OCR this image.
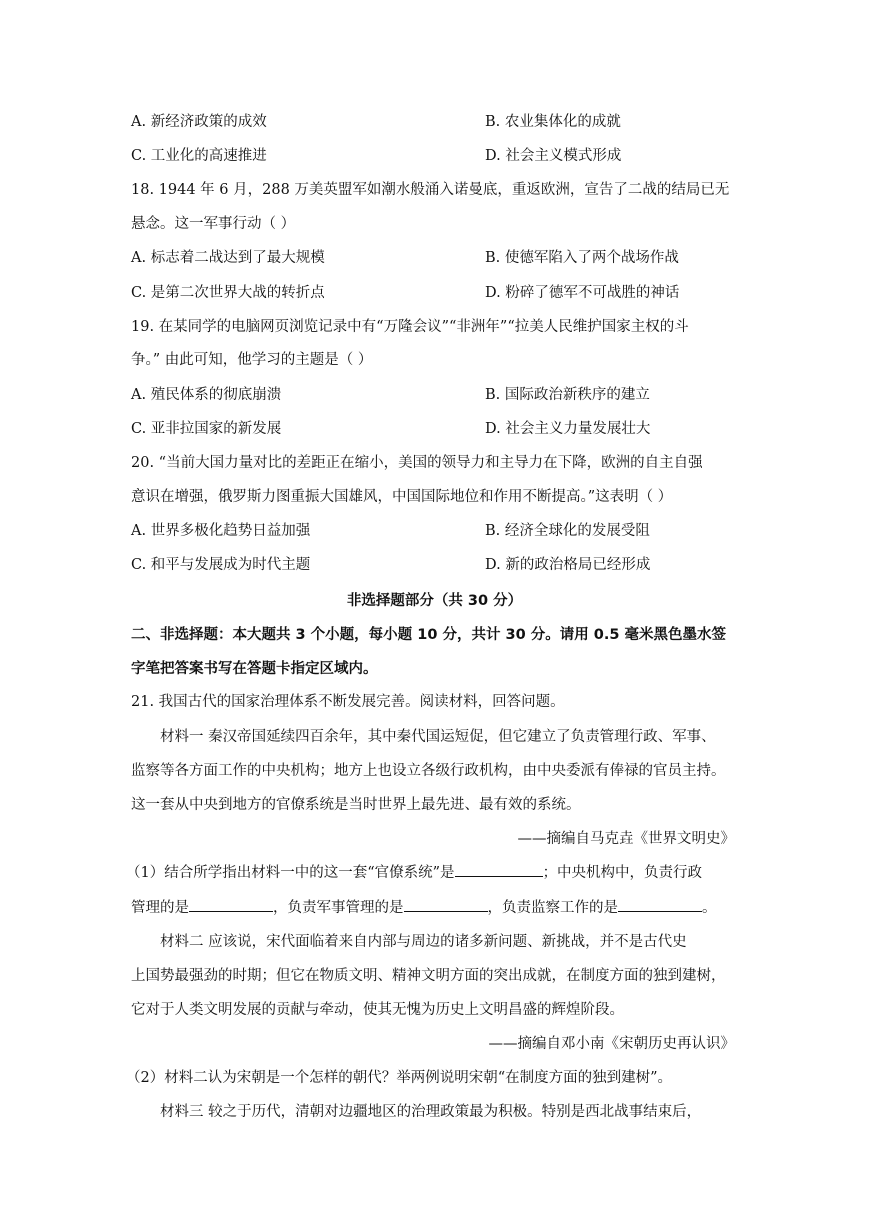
A. 新经济政策的成效	B. 农业集体化的成就
C. 工业化的高速推进	D. 社会主义模式形成
18. 1944 年 6 月，288 万美英盟军如潮水般涌入诺曼底，重返欧洲，宣告了二战的结局已无
悬念。这一军事行动（ ）
A. 标志着二战达到了最大规模	B. 使德军陷入了两个战场作战
C. 是第二次世界大战的转折点	D. 粉碎了德军不可战胜的神话
19. 在某同学的电脑网页浏览记录中有“万隆会议”“非洲年”“拉美人民维护国家主权的斗
争。” 由此可知，他学习的主题是（ ）
A. 殖民体系的彻底崩溃	B. 国际政治新秩序的建立
C. 亚非拉国家的新发展	D. 社会主义力量发展壮大
20. “当前大国力量对比的差距正在缩小，美国的领导力和主导力在下降，欧洲的自主自强
意识在增强，俄罗斯力图重振大国雄风，中国国际地位和作用不断提高。”这表明（ ）
A. 世界多极化趋势日益加强	B. 经济全球化的发展受阻
C. 和平与发展成为时代主题	D. 新的政治格局已经形成
非选择题部分（共 30 分）
二、非选择题：本大题共 3 个小题，每小题 10 分，共计 30 分。请用 0.5 毫米黑色墨水签
字笔把答案书写在答题卡指定区域内。
21. 我国古代的国家治理体系不断发展完善。阅读材料，回答问题。
材料一 秦汉帝国延续四百余年，其中秦代国运短促，但它建立了负责管理行政、军事、
监察等各方面工作的中央机构；地方上也设立各级行政机构，由中央委派有俸禄的官员主持。
这一套从中央到地方的官僚系统是当时世界上最先进、最有效的系统。
——摘编自马克垚《世界文明史》
（1）结合所学指出材料一中的这一套“官僚系统”是	；中央机构中，负责行政
管理的是	，负责军事管理的是	，负责监察工作的是	。
材料二 应该说，宋代面临着来自内部与周边的诸多新问题、新挑战，并不是古代史
上国势最强劲的时期；但它在物质文明、精神文明方面的突出成就，在制度方面的独到建树，
它对于人类文明发展的贡献与牵动，使其无愧为历史上文明昌盛的辉煌阶段。
——摘编自邓小南《宋朝历史再认识》
（2）材料二认为宋朝是一个怎样的朝代？举两例说明宋朝“在制度方面的独到建树”。
材料三 较之于历代，清朝对边疆地区的治理政策最为积极。特别是西北战事结束后，
